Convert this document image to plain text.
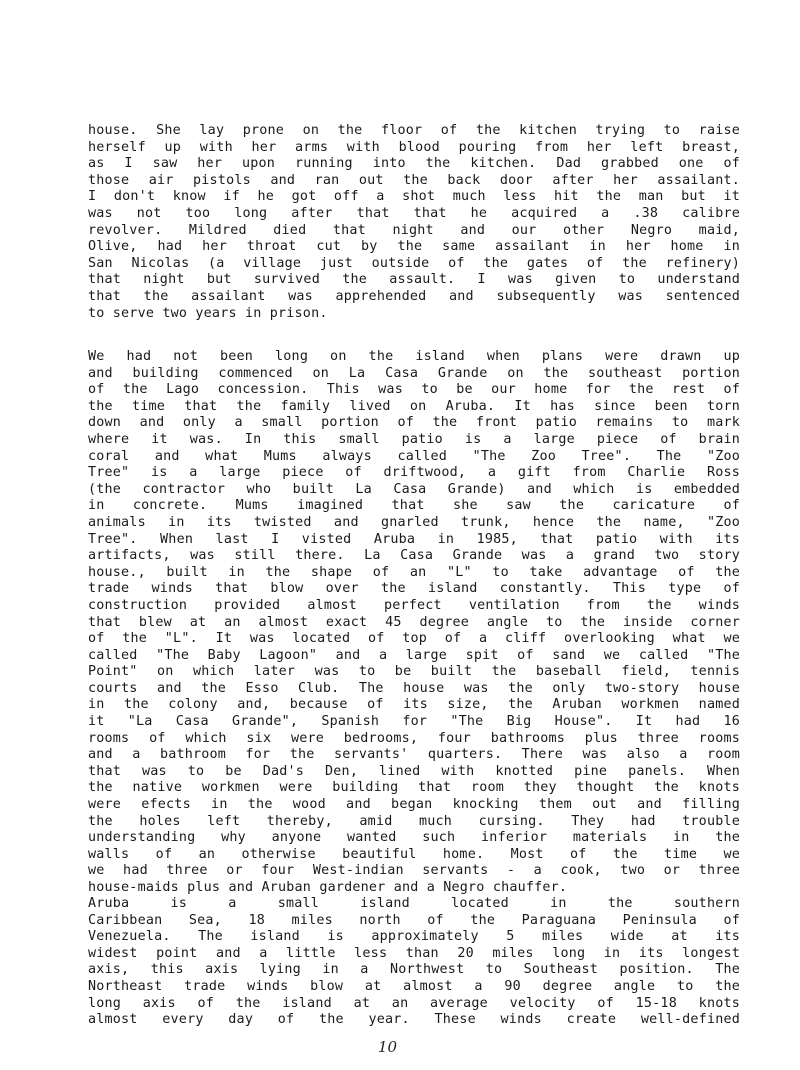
house. She lay prone on the floor of the kitchen trying to raise
herself up with her arms with blood pouring from her left breast,
as I saw her upon running into the kitchen. Dad grabbed one of
those air pistols and ran out the back door after her assailant.
I don't know if he got off a shot much less hit the man but it
was not too long after that that he acquired a .38 calibre
revolver. Mildred died that night and our other Negro maid,
Olive, had her throat cut by the same assailant in her home in
San Nicolas (a village just outside of the gates of the refinery)
that night but survived the assault. I was given to understand
that the assailant was apprehended and subsequently was sentenced
to serve two years in prison.
We had not been long on the island when plans were drawn up
and building commenced on La Casa Grande on the southeast portion
of the Lago concession. This was to be our home for the rest of
the time that the family lived on Aruba. It has since been torn
down and only a small portion of the front patio remains to mark
where it was. In this small patio is a large piece of brain
coral and what Mums always called "The Zoo Tree". The "Zoo
Tree" is a large piece of driftwood, a gift from Charlie Ross
(the contractor who built La Casa Grande) and which is embedded
in concrete. Mums imagined that she saw the caricature of
animals in its twisted and gnarled trunk, hence the name, "Zoo
Tree". When last I visted Aruba in 1985, that patio with its
artifacts, was still there. La Casa Grande was a grand two story
house., built in the shape of an "L" to take advantage of the
trade winds that blow over the island constantly. This type of
construction provided almost perfect ventilation from the winds
that blew at an almost exact 45 degree angle to the inside corner
of the "L". It was located of top of a cliff overlooking what we
called "The Baby Lagoon" and a large spit of sand we called "The
Point" on which later was to be built the baseball field, tennis
courts and the Esso Club. The house was the only two-story house
in the colony and, because of its size, the Aruban workmen named
it "La Casa Grande", Spanish for "The Big House". It had 16
rooms of which six were bedrooms, four bathrooms plus three rooms
and a bathroom for the servants' quarters. There was also a room
that was to be Dad's Den, lined with knotted pine panels. When
the native workmen were building that room they thought the knots
were efects in the wood and began knocking them out and filling
the holes left thereby, amid much cursing. They had trouble
understanding why anyone wanted such inferior materials in the
walls of an otherwise beautiful home. Most of the time we
we had three or four West-indian servants - a cook, two or three
house-maids plus and Aruban gardener and a Negro chauffer.
Aruba is a small island located in the southern
Caribbean Sea, 18 miles north of the Paraguana Peninsula of
Venezuela. The island is approximately 5 miles wide at its
widest point and a little less than 20 miles long in its longest
axis, this axis lying in a Northwest to Southeast position. The
Northeast trade winds blow at almost a 90 degree angle to the
long axis of the island at an average velocity of 15-18 knots
almost every day of the year. These winds create well-defined
10
